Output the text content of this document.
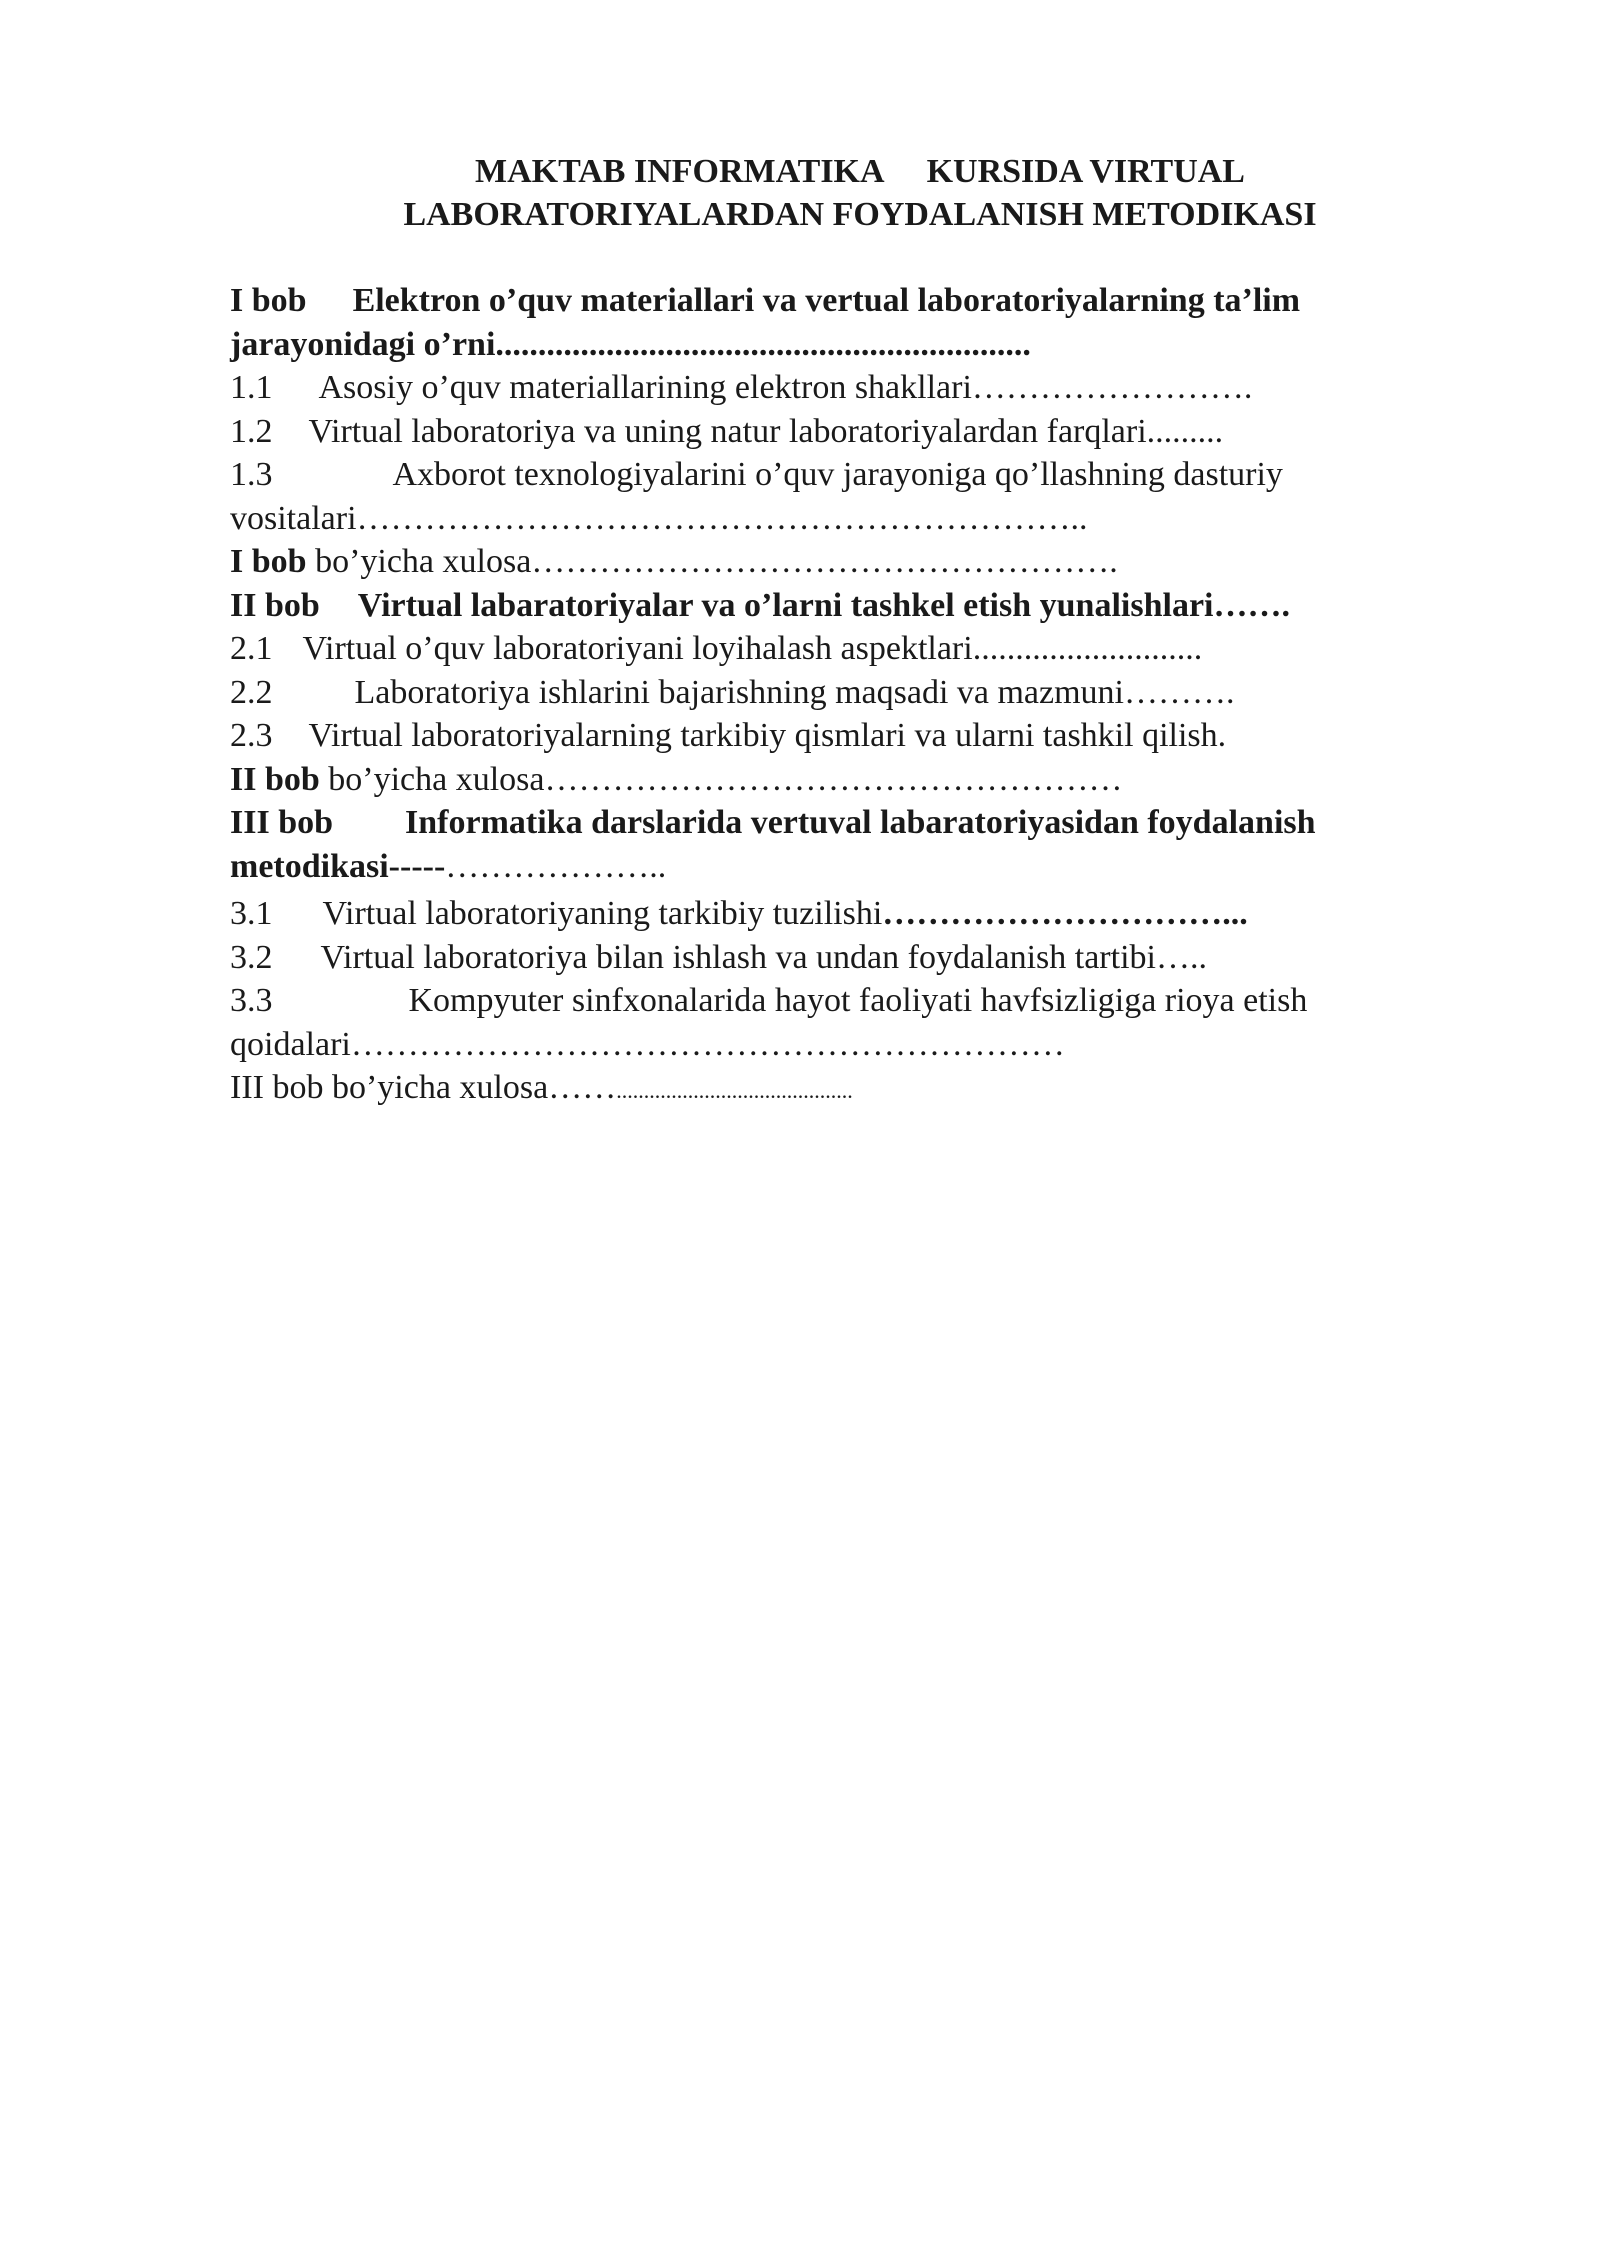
MAKTAB INFORMATIKA KURSIDA VIRTUAL
LABORATORIYALARDAN FOYDALANISH METODIKASI
I bob Elektron o’quv materiallari va vertual laboratoriyalarning ta’lim
jarayonidagi o’rni...............................................................
1.1 Asosiy o’quv materiallarining elektron shakllari…………………….
1.2 Virtual laboratoriya va uning natur laboratoriyalardan farqlari.........
1.3	Axborot texnologiyalarini o’quv jarayoniga qo’llashning dasturiy
vositalari………………………………………………………..
I bob bo’yicha xulosa…………………………………………….
II bob Virtual labaratoriyalar va o’larni tashkel etish yunalishlari…….
2.1 Virtual o’quv laboratoriyani loyihalash aspektlari...........................
2.2 Laboratoriya ishlarini bajarishning maqsadi va mazmuni……….
2.3 Virtual laboratoriyalarning tarkibiy qismlari va ularni tashkil qilish.
II bob bo’yicha xulosa……………………………………………
III bob Informatika darslarida vertuval labaratoriyasidan foydalanish
metodikasi-----………………..
3.1 Virtual laboratoriyaning tarkibiy tuzilishi…………………………...
3.2 Virtual laboratoriya bilan ishlash va undan foydalanish tartibi…..
3.3	Kompyuter sinfxonalarida hayot faoliyati havfsizligiga rioya etish
qoidalari………………………………………………………
III bob bo’yicha xulosa……...........................................
